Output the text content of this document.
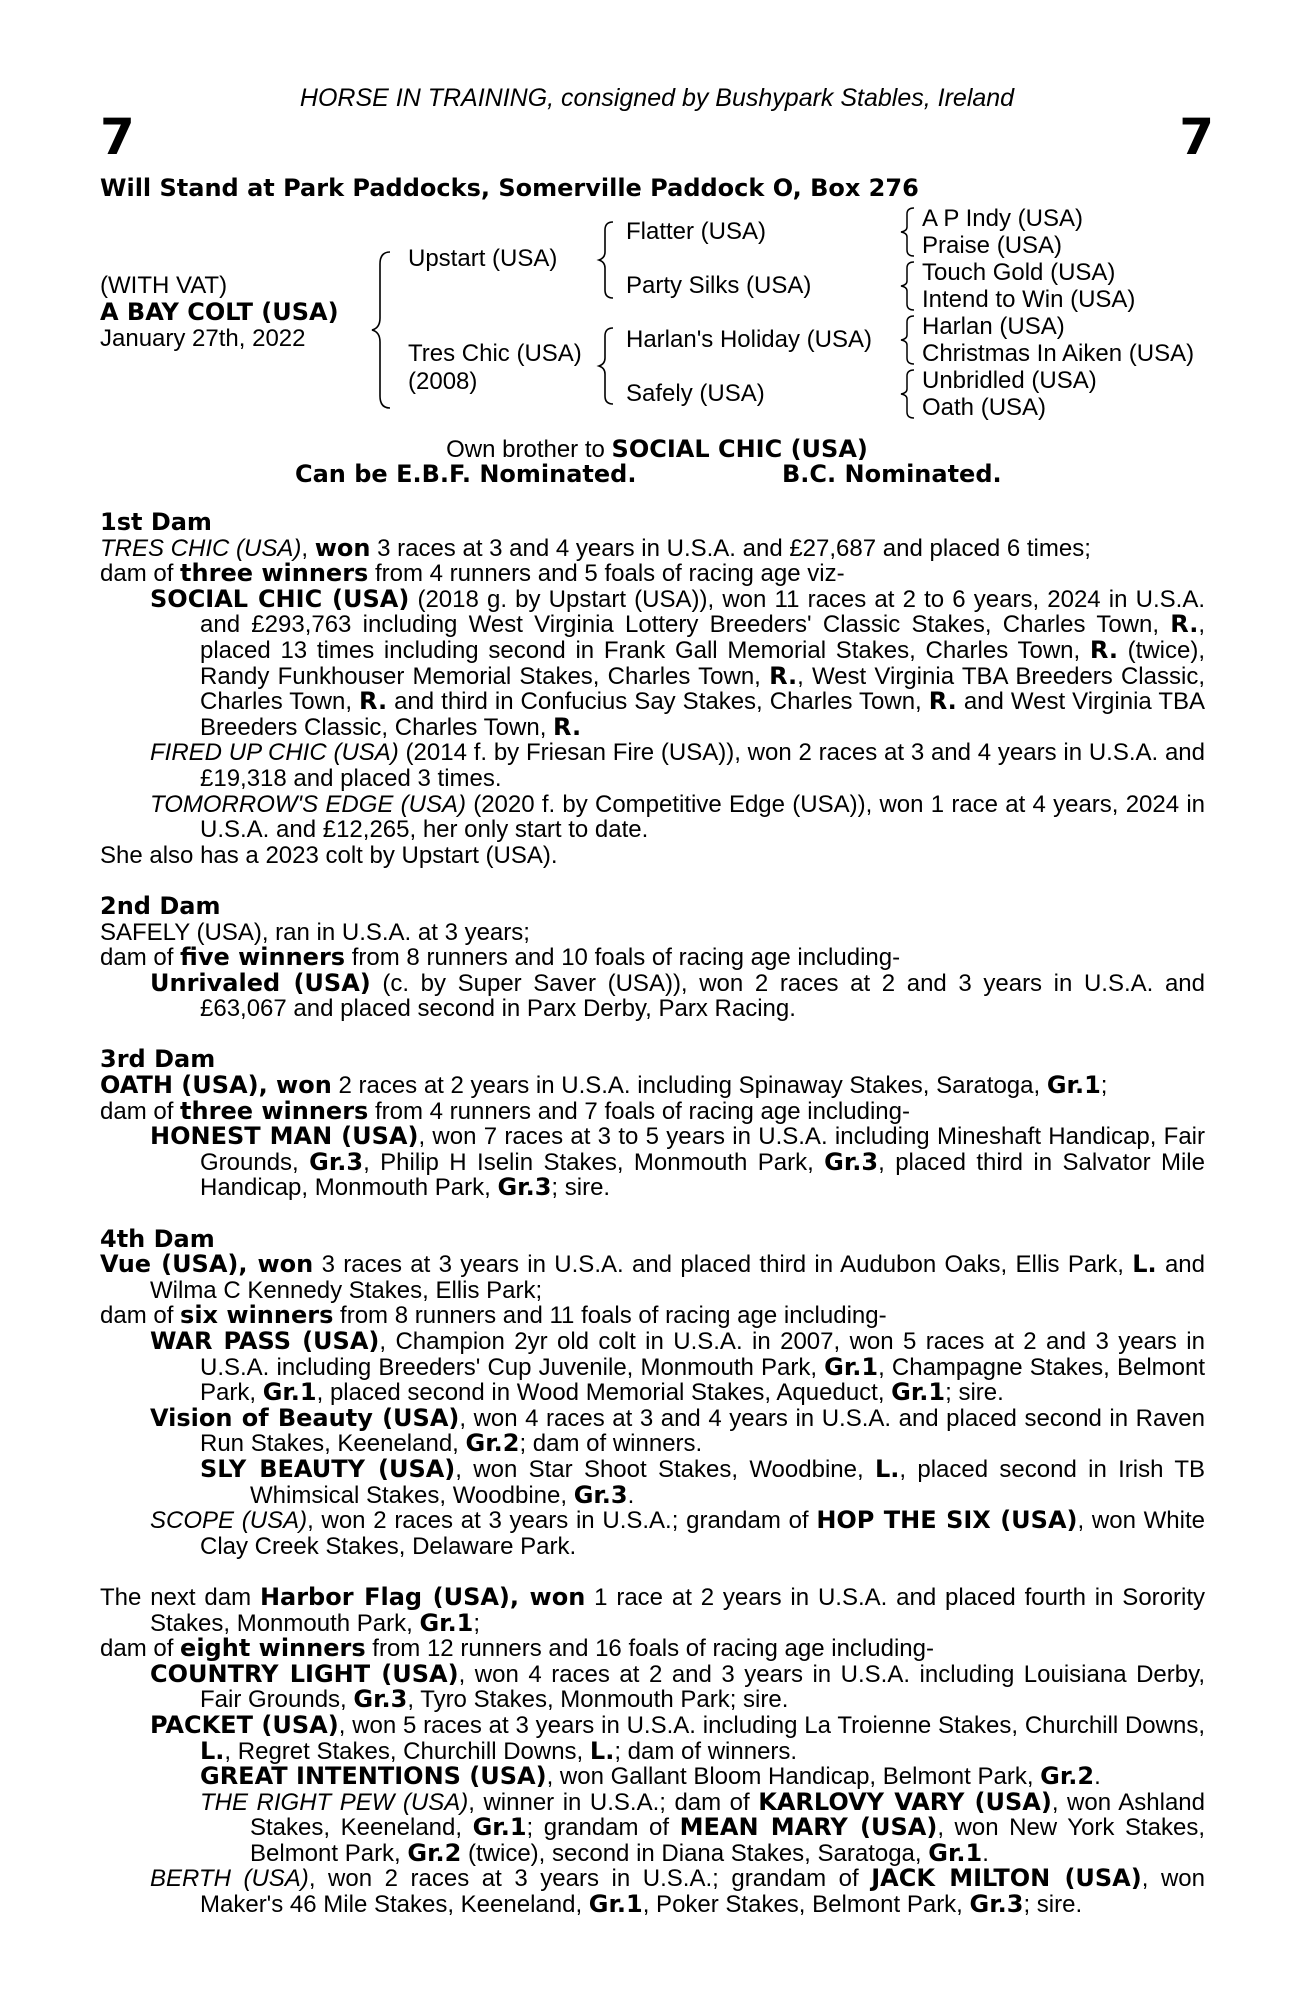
HORSE IN TRAINING, consigned by Bushypark Stables, Ireland
7	7
Will Stand at Park Paddocks, Somerville Paddock O, Box 276
(WITH VAT)
A BAY COLT (USA)
January 27th, 2022
Upstart (USA)
Tres Chic (USA)
(2008)
Flatter (USA)
Party Silks (USA)
Harlan's Holiday (USA)
Safely (USA)
A P Indy (USA)
Praise (USA)
Touch Gold (USA)
Intend to Win (USA)
Harlan (USA)
Christmas In Aiken (USA)
Unbridled (USA)
Oath (USA)
Own brother to SOCIAL CHIC (USA)
Can be E.B.F. Nominated.	B.C. Nominated.

1st Dam

TRES CHIC (USA), won 3 races at 3 and 4 years in U.S.A. and £27,687 and placed 6 times;

dam of three winners from 4 runners and 5 foals of racing age viz-

SOCIAL CHIC (USA) (2018 g. by Upstart (USA)), won 11 races at 2 to 6 years, 2024 in U.S.A. and £293,763 including West Virginia Lottery Breeders' Classic Stakes, Charles Town, R., placed 13 times including second in Frank Gall Memorial Stakes, Charles Town, R. (twice), Randy Funkhouser Memorial Stakes, Charles Town, R., West Virginia TBA Breeders Classic, Charles Town, R. and third in Confucius Say Stakes, Charles Town, R. and West Virginia TBA Breeders Classic, Charles Town, R.

FIRED UP CHIC (USA) (2014 f. by Friesan Fire (USA)), won 2 races at 3 and 4 years in U.S.A. and £19,318 and placed 3 times.

TOMORROW'S EDGE (USA) (2020 f. by Competitive Edge (USA)), won 1 race at 4 years, 2024 in U.S.A. and £12,265, her only start to date.

She also has a 2023 colt by Upstart (USA).

2nd Dam

SAFELY (USA), ran in U.S.A. at 3 years;

dam of five winners from 8 runners and 10 foals of racing age including-

Unrivaled (USA) (c. by Super Saver (USA)), won 2 races at 2 and 3 years in U.S.A. and £63,067 and placed second in Parx Derby, Parx Racing.

3rd Dam

OATH (USA), won 2 races at 2 years in U.S.A. including Spinaway Stakes, Saratoga, Gr.1;

dam of three winners from 4 runners and 7 foals of racing age including-

HONEST MAN (USA), won 7 races at 3 to 5 years in U.S.A. including Mineshaft Handicap, Fair Grounds, Gr.3, Philip H Iselin Stakes, Monmouth Park, Gr.3, placed third in Salvator Mile Handicap, Monmouth Park, Gr.3; sire.

4th Dam

Vue (USA), won 3 races at 3 years in U.S.A. and placed third in Audubon Oaks, Ellis Park, L. and Wilma C Kennedy Stakes, Ellis Park;

dam of six winners from 8 runners and 11 foals of racing age including-

WAR PASS (USA), Champion 2yr old colt in U.S.A. in 2007, won 5 races at 2 and 3 years in U.S.A. including Breeders' Cup Juvenile, Monmouth Park, Gr.1, Champagne Stakes, Belmont Park, Gr.1, placed second in Wood Memorial Stakes, Aqueduct, Gr.1; sire.

Vision of Beauty (USA), won 4 races at 3 and 4 years in U.S.A. and placed second in Raven Run Stakes, Keeneland, Gr.2; dam of winners.

SLY BEAUTY (USA), won Star Shoot Stakes, Woodbine, L., placed second in Irish TB Whimsical Stakes, Woodbine, Gr.3.

SCOPE (USA), won 2 races at 3 years in U.S.A.; grandam of HOP THE SIX (USA), won White Clay Creek Stakes, Delaware Park.

The next dam Harbor Flag (USA), won 1 race at 2 years in U.S.A. and placed fourth in Sorority Stakes, Monmouth Park, Gr.1;

dam of eight winners from 12 runners and 16 foals of racing age including-

COUNTRY LIGHT (USA), won 4 races at 2 and 3 years in U.S.A. including Louisiana Derby, Fair Grounds, Gr.3, Tyro Stakes, Monmouth Park; sire.

PACKET (USA), won 5 races at 3 years in U.S.A. including La Troienne Stakes, Churchill Downs, L., Regret Stakes, Churchill Downs, L.; dam of winners.

GREAT INTENTIONS (USA), won Gallant Bloom Handicap, Belmont Park, Gr.2.

THE RIGHT PEW (USA), winner in U.S.A.; dam of KARLOVY VARY (USA), won Ashland Stakes, Keeneland, Gr.1; grandam of MEAN MARY (USA), won New York Stakes, Belmont Park, Gr.2 (twice), second in Diana Stakes, Saratoga, Gr.1.

BERTH (USA), won 2 races at 3 years in U.S.A.; grandam of JACK MILTON (USA), won Maker's 46 Mile Stakes, Keeneland, Gr.1, Poker Stakes, Belmont Park, Gr.3; sire.
